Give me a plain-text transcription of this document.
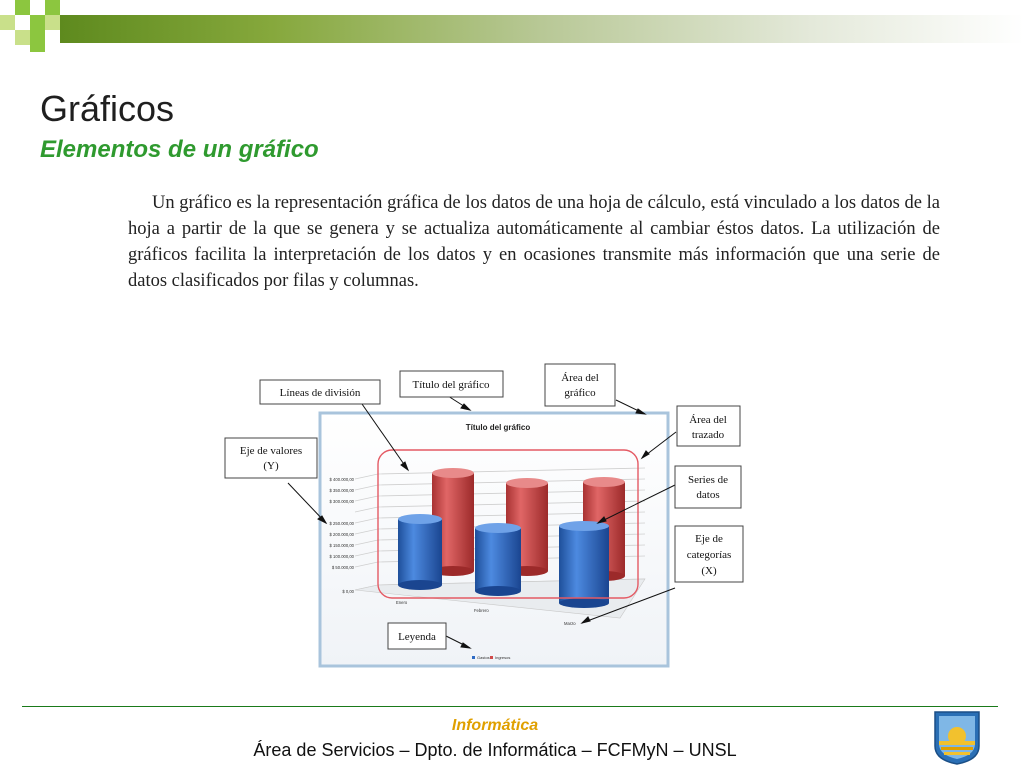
Gráficos
Elementos de un gráfico

Un gráfico es la representación gráfica de los datos de una hoja de cálculo, está vinculado a los datos de la hoja a partir de la que se genera y se actualiza automáticamente al cambiar éstos datos. La utilización de gráficos facilita la interpretación de los datos y en ocasiones transmite más información que una serie de datos clasificados por filas y columnas.

Título del gráfico
$ 400.000,00
$ 350.000,00
$ 300.000,00
$ 250.000,00
$ 200.000,00
$ 150.000,00
$ 100.000,00
$ 50.000,00
$ 0,00
Enero
Febrero
Marzo
Gastos Ingresos
Líneas de división
Título del gráfico
Área del
gráfico
Área del
trazado
Eje de valores
(Y)
Series de
datos
Eje de
categorías
(X)
Leyenda
Informática
Área de Servicios – Dpto. de Informática – FCFMyN – UNSL
